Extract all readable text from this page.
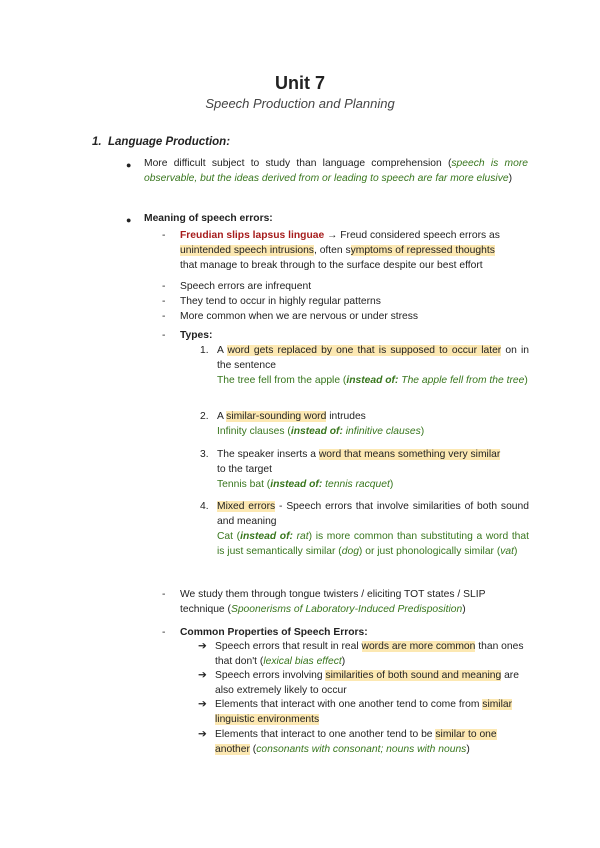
Unit 7
Speech Production and Planning
1. Language Production:
● More difficult subject to study than language comprehension (speech is more observable, but the ideas derived from or leading to speech are far more elusive)
● Meaning of speech errors:
- Freudian slips lapsus linguae → Freud considered speech errors as
unintended speech intrusions, often symptoms of repressed thoughts
that manage to break through to the surface despite our best effort
- Speech errors are infrequent
- They tend to occur in highly regular patterns
- More common when we are nervous or under stress
- Types:
1. A word gets replaced by one that is supposed to occur later on in the sentence
The tree fell from the apple (instead of: The apple fell from the tree)
2. A similar-sounding word intrudes
Infinity clauses (instead of: infinitive clauses)
3. The speaker inserts a word that means something very similar
to the target
Tennis bat (instead of: tennis racquet)
4. Mixed errors - Speech errors that involve similarities of both sound and meaning
Cat (instead of: rat) is more common than substituting a word that is just semantically similar (dog) or just phonologically similar (vat)
- We study them through tongue twisters / eliciting TOT states / SLIP technique (Spoonerisms of Laboratory-Induced Predisposition)
- Common Properties of Speech Errors:
➔ Speech errors that result in real words are more common than ones that don't (lexical bias effect)
➔ Speech errors involving similarities of both sound and meaning are also extremely likely to occur
➔ Elements that interact with one another tend to come from similar linguistic environments
➔ Elements that interact to one another tend to be similar to one another (consonants with consonant; nouns with nouns)
